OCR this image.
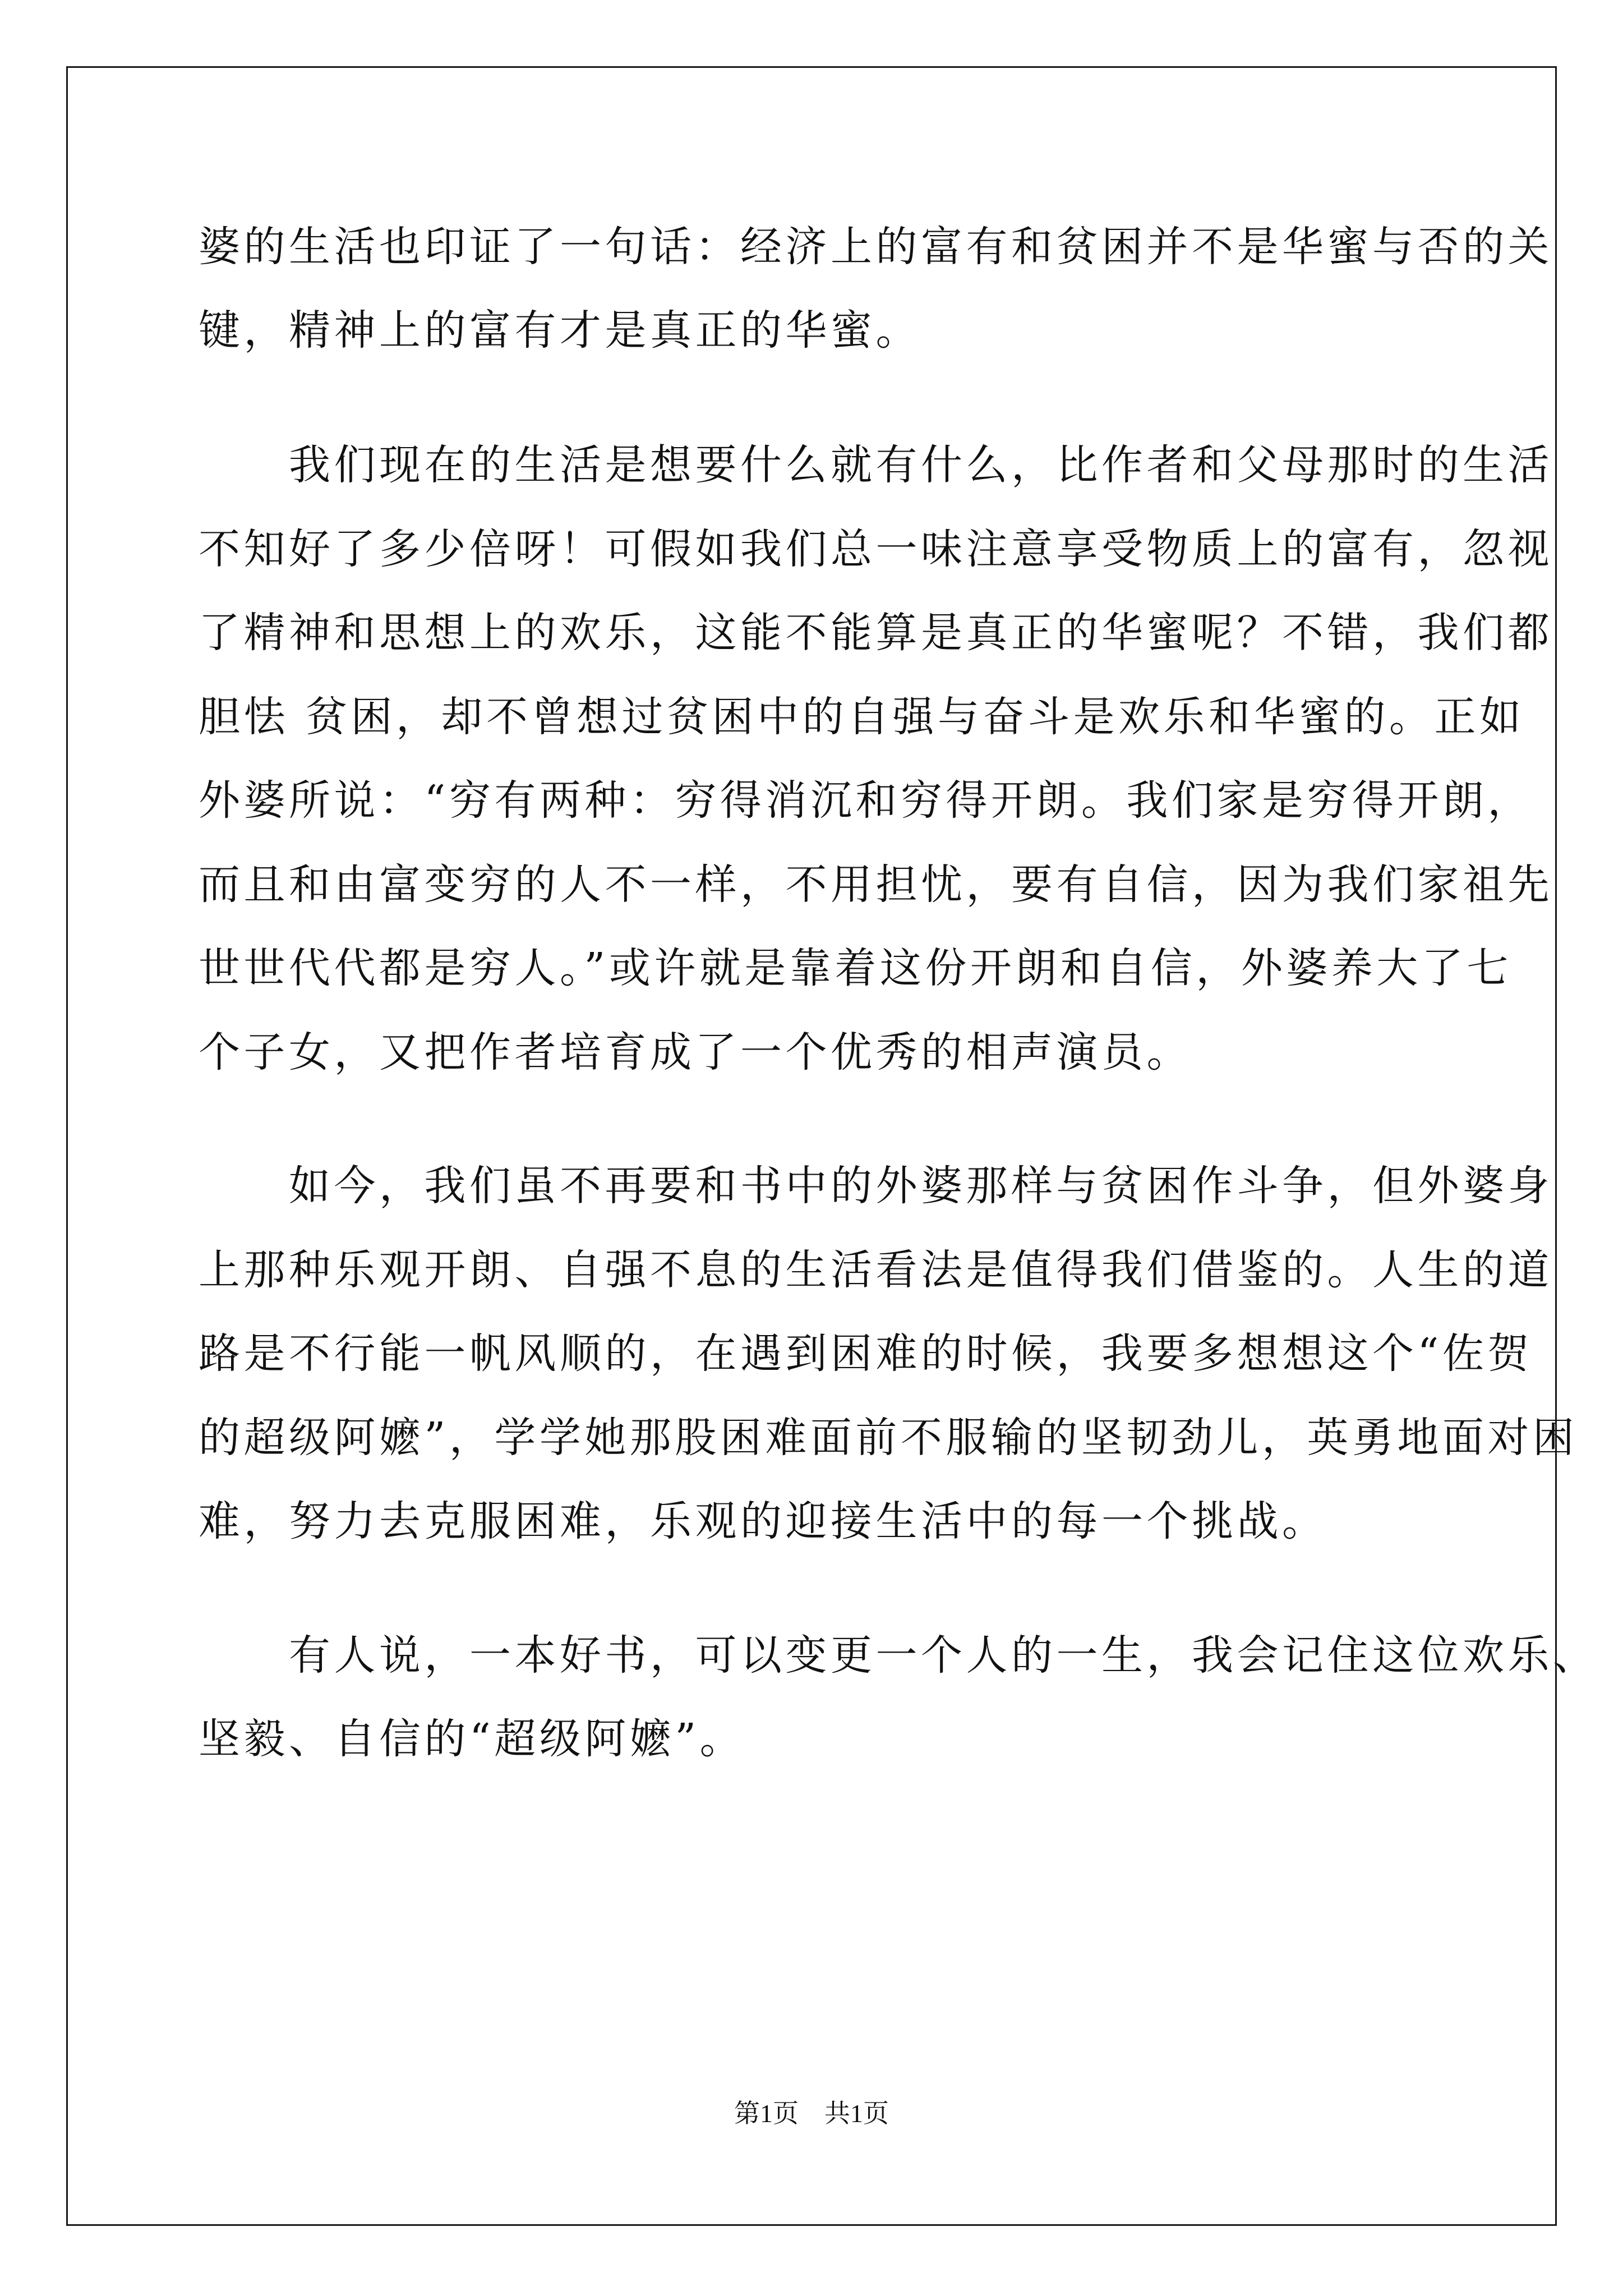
婆的生活也印证了一句话：经济上的富有和贫困并不是华蜜与否的关
键，精神上的富有才是真正的华蜜。
　　我们现在的生活是想要什么就有什么，比作者和父母那时的生活
不知好了多少倍呀！可假如我们总一味注意享受物质上的富有，忽视
了精神和思想上的欢乐，这能不能算是真正的华蜜呢？不错，我们都
胆怯 贫困，却不曾想过贫困中的自强与奋斗是欢乐和华蜜的。正如
外婆所说：“穷有两种：穷得消沉和穷得开朗。我们家是穷得开朗，
而且和由富变穷的人不一样，不用担忧，要有自信，因为我们家祖先
世世代代都是穷人。”或许就是靠着这份开朗和自信，外婆养大了七
个子女，又把作者培育成了一个优秀的相声演员。
　　如今，我们虽不再要和书中的外婆那样与贫困作斗争，但外婆身
上那种乐观开朗、自强不息的生活看法是值得我们借鉴的。人生的道
路是不行能一帆风顺的，在遇到困难的时候，我要多想想这个“佐贺
的超级阿嬷”，学学她那股困难面前不服输的坚韧劲儿，英勇地面对困
难，努力去克服困难，乐观的迎接生活中的每一个挑战。
　　有人说，一本好书，可以变更一个人的一生，我会记住这位欢乐、
坚毅、自信的“超级阿嬷”。
第1页　共1页
